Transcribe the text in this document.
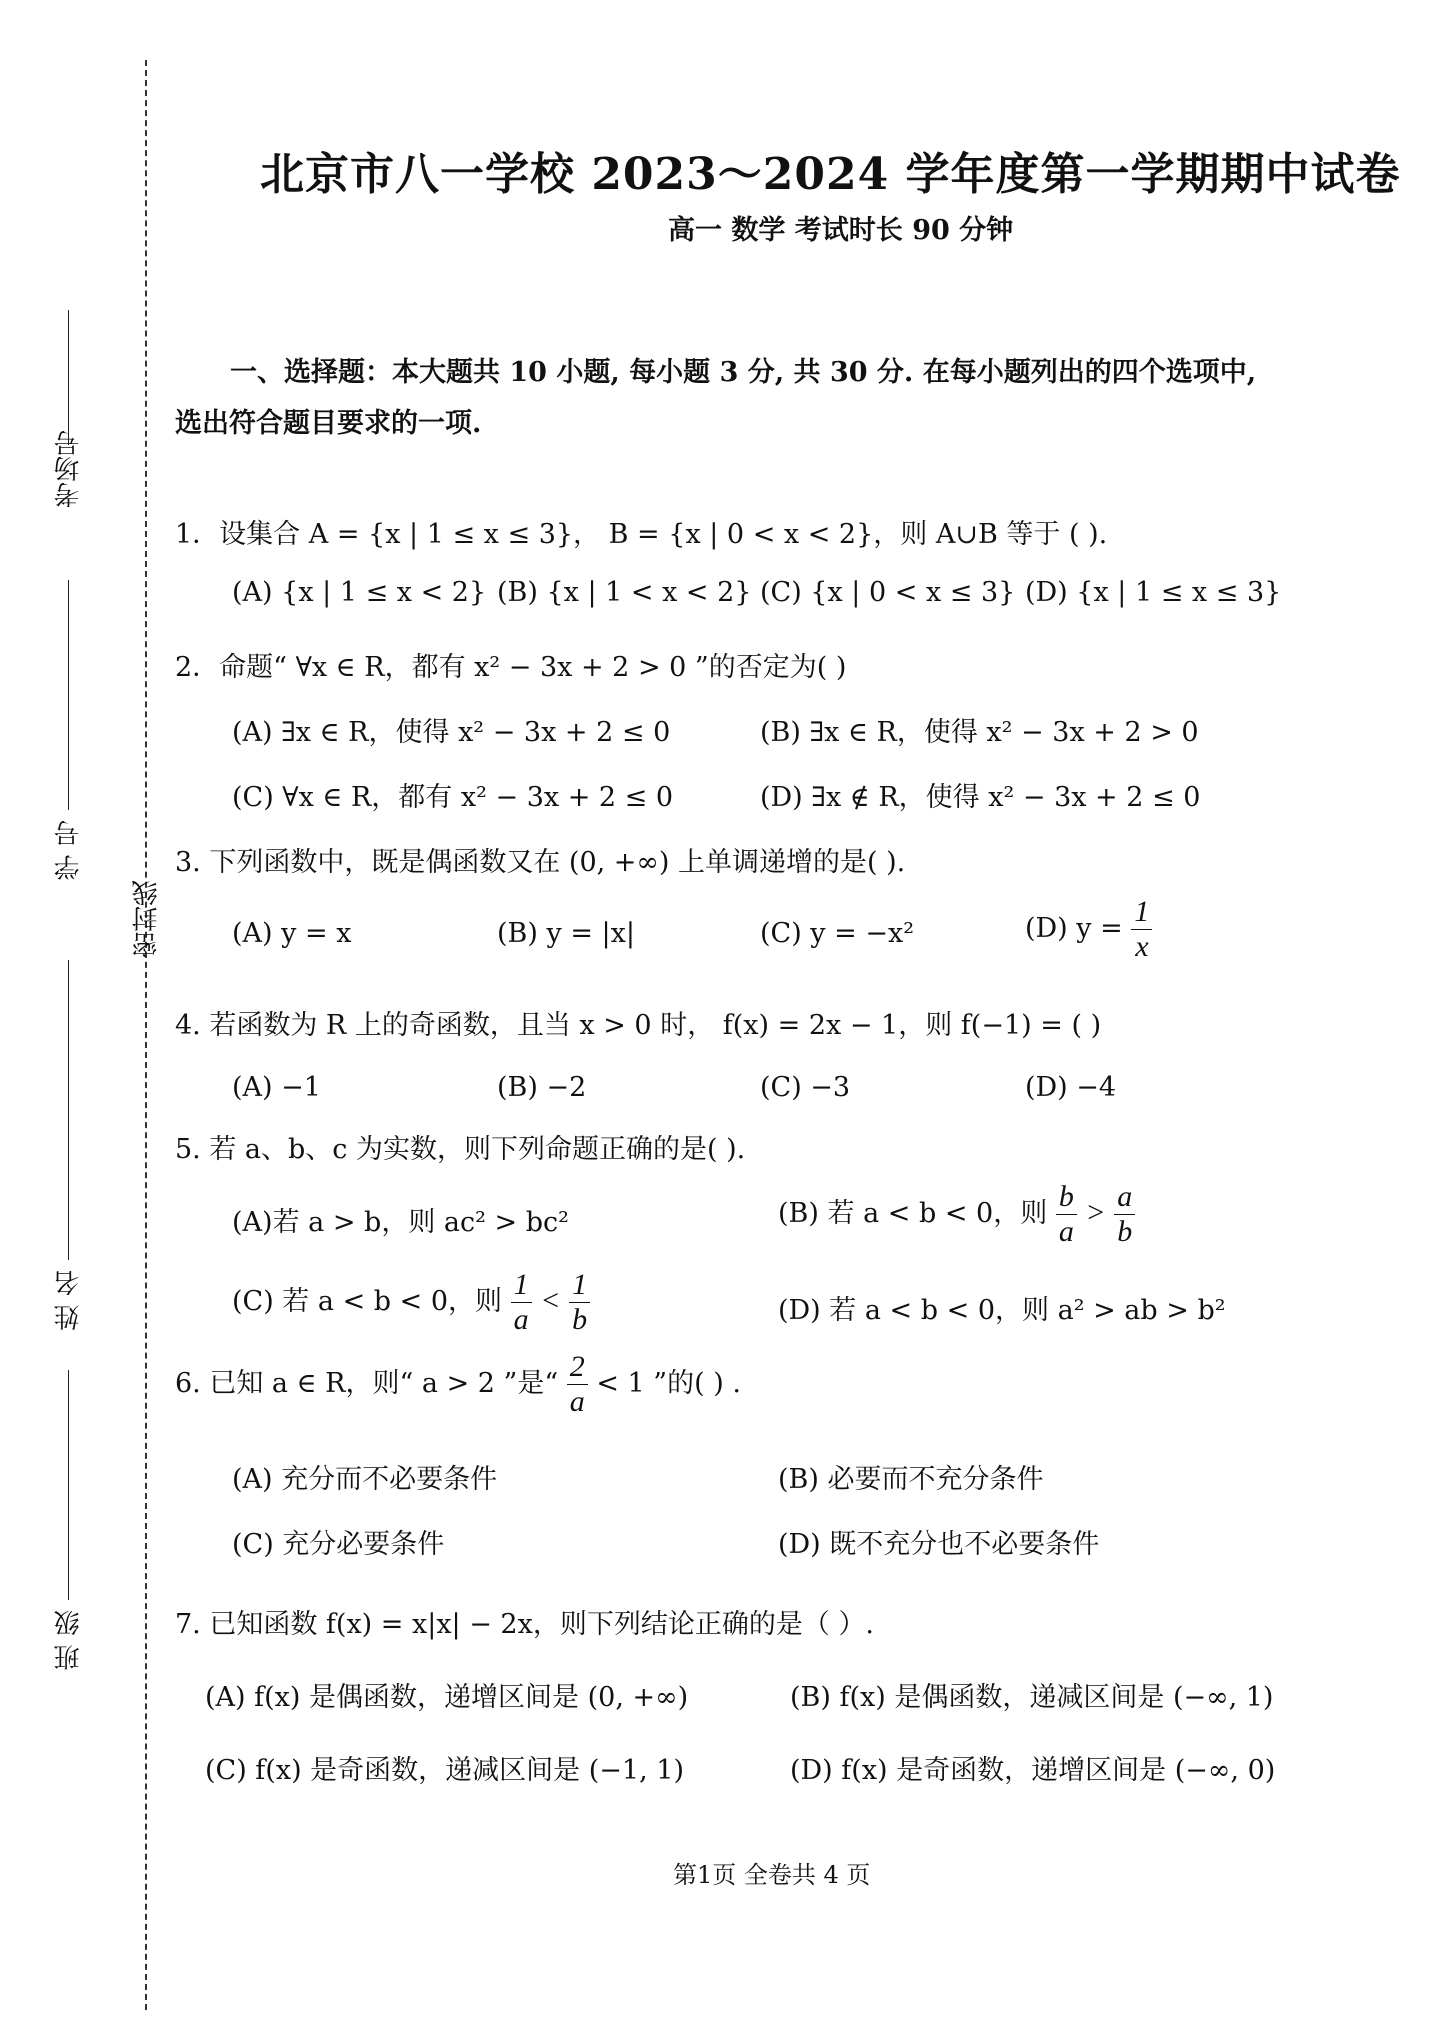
考场号
学 号
密封线
姓 名
班 级
北京市八一学校 2023～2024 学年度第一学期期中试卷
高一 数学 考试时长 90 分钟
一、选择题：本大题共 10 小题, 每小题 3 分, 共 30 分. 在每小题列出的四个选项中,
选出符合题目要求的一项.
1．设集合 A = {x | 1 ≤ x ≤ 3}， B = {x | 0 < x < 2}，则 A∪B 等于 ( ).
(A) {x | 1 ≤ x < 2} (B) {x | 1 < x < 2} (C) {x | 0 < x ≤ 3} (D) {x | 1 ≤ x ≤ 3}
2．命题“ ∀x ∈ R，都有 x² − 3x + 2 > 0 ”的否定为( )
(A) ∃x ∈ R，使得 x² − 3x + 2 ≤ 0	(B) ∃x ∈ R，使得 x² − 3x + 2 > 0
(C) ∀x ∈ R，都有 x² − 3x + 2 ≤ 0	(D) ∃x ∉ R，使得 x² − 3x + 2 ≤ 0
3. 下列函数中，既是偶函数又在 (0, +∞) 上单调递增的是( ).
(A) y = x	(B) y = |x|	(C) y = −x²	(D) $y = \frac{1}{x}$
4. 若函数为 R 上的奇函数，且当 x > 0 时， f(x) = 2x − 1，则 f(−1) = ( )
(A) −1	(B) −2	(C) −3	(D) −4
5. 若 a、b、c 为实数，则下列命题正确的是( ).
(A)若 a > b，则 ac² > bc²	(B) 若 a < b < 0，则 $\frac{b}{a} > \frac{a}{b}$
(C) 若 a < b < 0，则 $\frac{1}{a} < \frac{1}{b}$	(D) 若 a < b < 0，则 a² > ab > b²
6. 已知 a ∈ R，则“ a > 2 ”是“ $\frac{2}{a} < 1$ ”的( ) .
(A) 充分而不必要条件	(B) 必要而不充分条件
(C) 充分必要条件	(D) 既不充分也不必要条件
7. 已知函数 f(x) = x|x| − 2x，则下列结论正确的是（ ）.
(A) f(x) 是偶函数，递增区间是 (0, +∞)	(B) f(x) 是偶函数，递减区间是 (−∞, 1)
(C) f(x) 是奇函数，递减区间是 (−1, 1)	(D) f(x) 是奇函数，递增区间是 (−∞, 0)
第1页 全卷共 4 页
